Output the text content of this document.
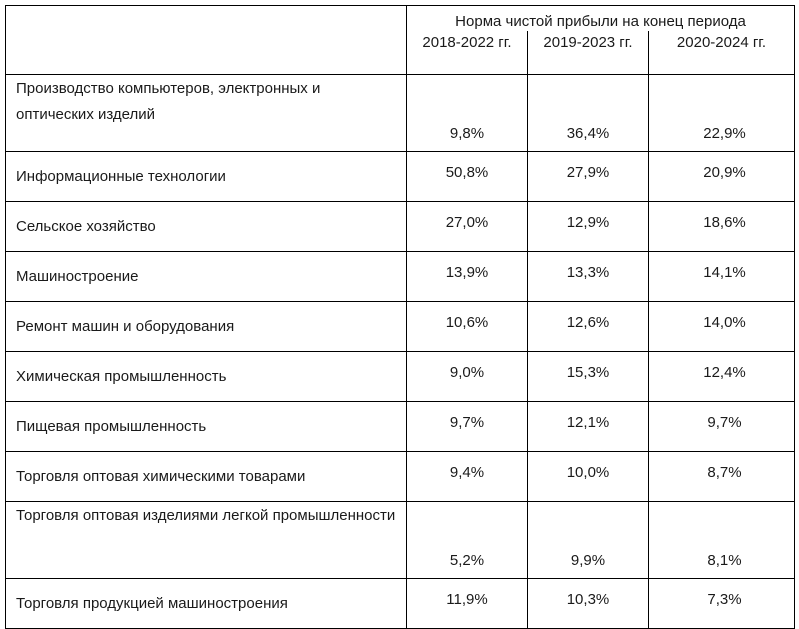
	Норма чистой прибыли на конец периода		
	2018-2022 гг.	2019-2023 гг.	2020-2024 гг.
Производство компьютеров, электронных и оптических изделий	9,8%	36,4%	22,9%
Информационные технологии	50,8%	27,9%	20,9%
Сельское хозяйство	27,0%	12,9%	18,6%
Машиностроение	13,9%	13,3%	14,1%
Ремонт машин и оборудования	10,6%	12,6%	14,0%
Химическая промышленность	9,0%	15,3%	12,4%
Пищевая промышленность	9,7%	12,1%	9,7%
Торговля оптовая химическими товарами	9,4%	10,0%	8,7%
Торговля оптовая изделиями легкой промышленности	5,2%	9,9%	8,1%
Торговля продукцией машиностроения	11,9%	10,3%	7,3%
